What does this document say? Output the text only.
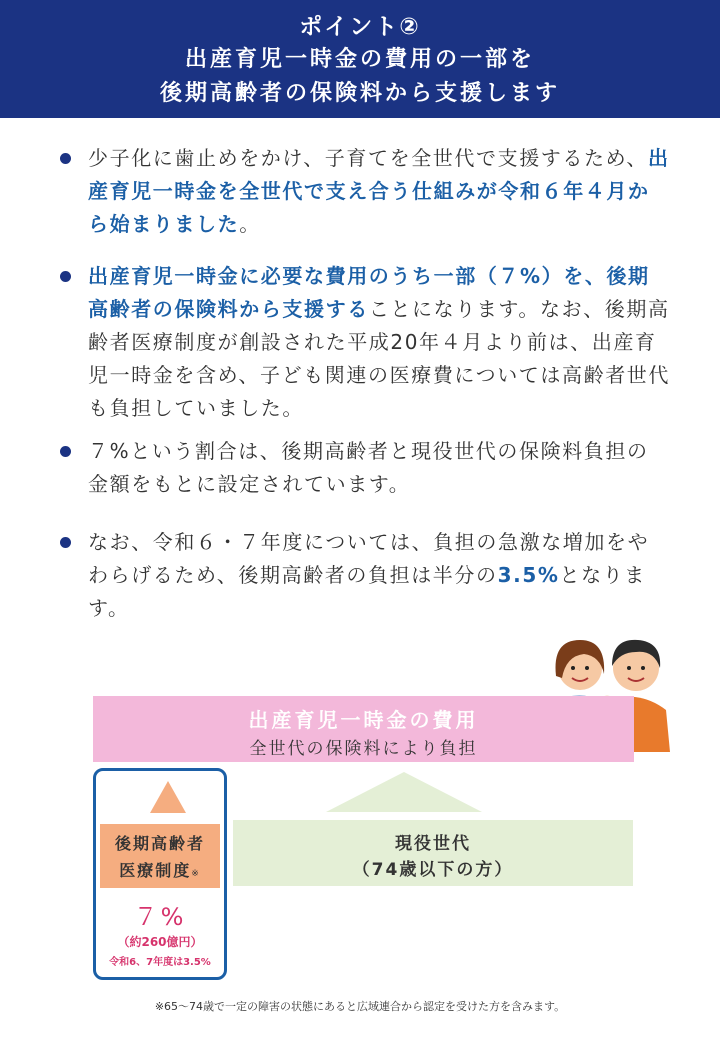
ポイント②
出産育児一時金の費用の一部を
後期高齢者の保険料から支援します
少子化に歯止めをかけ、子育てを全世代で支援するため、出産育児一時金を全世代で支え合う仕組みが令和６年４月から始まりました。
出産育児一時金に必要な費用のうち一部（７%）を、後期高齢者の保険料から支援することになります。なお、後期高齢者医療制度が創設された平成20年４月より前は、出産育児一時金を含め、子ども関連の医療費については高齢者世代も負担していました。
７%という割合は、後期高齢者と現役世代の保険料負担の金額をもとに設定されています。
なお、令和６・７年度については、負担の急激な増加をやわらげるため、後期高齢者の負担は半分の3.5%となります。
出産育児一時金の費用
全世代の保険料により負担
後期高齢者
医療制度※
７%
（約260億円）
令和6、7年度は3.5%
現役世代
（74歳以下の方）
※65～74歳で一定の障害の状態にあると広域連合から認定を受けた方を含みます。
